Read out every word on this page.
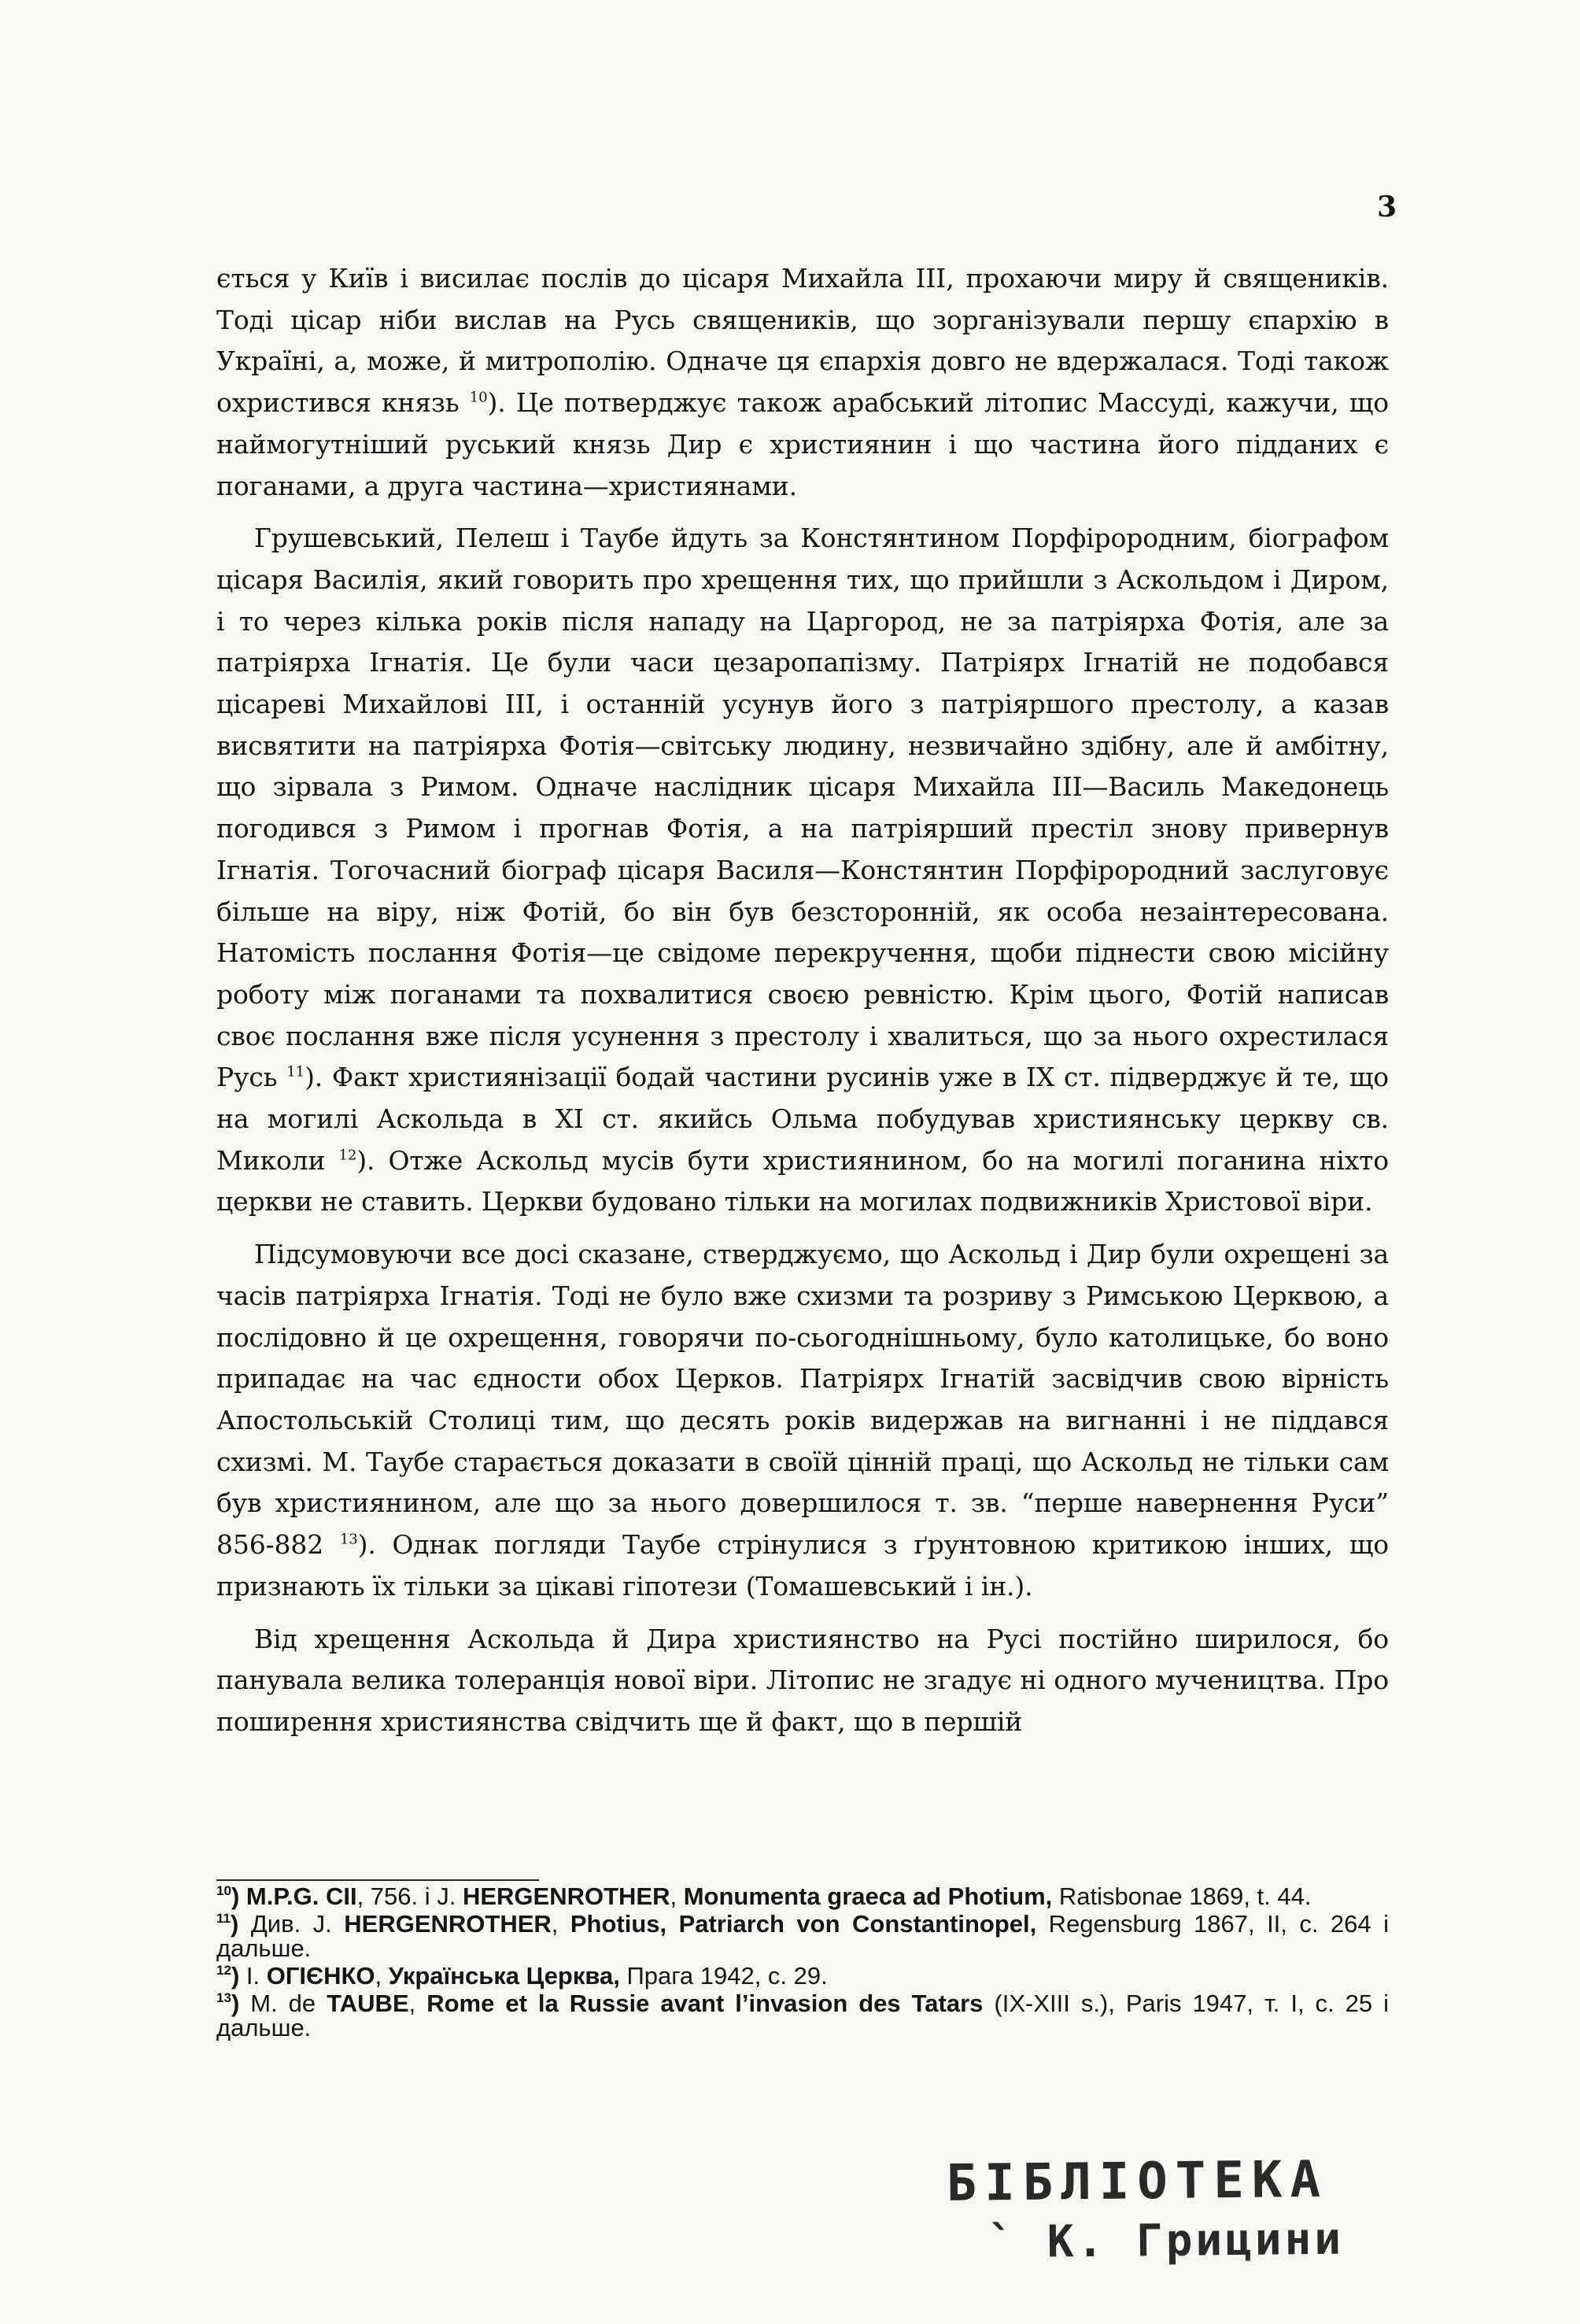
3

ється у Київ і висилає послів до цісаря Михайла ІІІ, прохаючи миру й священиків. Тоді цісар ніби вислав на Русь священиків, що зорганізували першу єпархію в Україні, а, може, й митрополію. Одначе ця єпархія довго не вдержалася. Тоді також охристився князь $^{10}$). Це потверджує також арабський літопис Массуді, кажучи, що наймогутніший руський князь Дир є християнин і що частина його підданих є поганами, а друга частина—християнами.

Грушевський, Пелеш і Таубе йдуть за Констянтином Порфірородним, біографом цісаря Василія, який говорить про хрещення тих, що прийшли з Аскольдом і Диром, і то через кілька років після нападу на Царгород, не за патріярха Фотія, але за патріярха Ігнатія. Це були часи цезаропапізму. Патріярх Ігнатій не подобався цісареві Михайлові ІІІ, і останній усунув його з патріяршого престолу, а казав висвятити на патріярха Фотія—світську людину, незвичайно здібну, але й амбітну, що зірвала з Римом. Одначе наслідник цісаря Михайла ІІІ—Василь Македонець погодився з Римом і прогнав Фотія, а на патріярший престіл знову привернув Ігнатія. Тогочасний біограф цісаря Василя—Констянтин Порфірородний заслуговує більше на віру, ніж Фотій, бо він був безсторонній, як особа незаінтересована. Натомість послання Фотія—це свідоме перекручення, щоби піднести свою місійну роботу між поганами та похвалитися своєю ревністю. Крім цього, Фотій написав своє послання вже після усунення з престолу і хвалиться, що за нього охрестилася Русь $^{11}$). Факт християнізації бодай частини русинів уже в IX ст. підверджує й те, що на могилі Аскольда в XI ст. якийсь Ольма побудував християнську церкву св. Миколи $^{12}$). Отже Аскольд мусів бути християнином, бо на могилі поганина ніхто церкви не ставить. Церкви будовано тільки на могилах подвижників Христової віри.

Підсумовуючи все досі сказане, стверджуємо, що Аскольд і Дир були охрещені за часів патріярха Ігнатія. Тоді не було вже схизми та розриву з Римською Церквою, а послідовно й це охрещення, говорячи по-сьогоднішньому, було католицьке, бо воно припадає на час єдности обох Церков. Патріярх Ігнатій засвідчив свою вірність Апостольській Столиці тим, що десять років видержав на вигнанні і не піддався схизмі. М. Таубе старається доказати в своїй цінній праці, що Аскольд не тільки сам був християнином, але що за нього довершилося т. зв. “перше навернення Руси” 856-882 $^{13}$). Однак погляди Таубе стрінулися з ґрунтовною критикою інших, що признають їх тільки за цікаві гіпотези (Томашевський і ін.).

Від хрещення Аскольда й Дира християнство на Русі постійно ширилося, бо панувала велика толеранція нової віри. Літопис не згадує ні одного мучеництва. Про поширення християнства свідчить ще й факт, що в першій

$^{10}$) M.P.G. CII, 756. і J. HERGENROTHER, Monumenta graeca ad Photium, Ratisbonae 1869, t. 44.

$^{11}$) Див. J. HERGENROTHER, Photius, Patriarch von Constantinopel, Regensburg 1867, II, с. 264 і дальше.

$^{12}$) І. ОГІЄНКО, Українська Церква, Прага 1942, с. 29.

$^{13}$) M. de TAUBE, Rome et la Russie avant l’invasion des Tatars (IX-XIII s.), Paris 1947, т. I, с. 25 і дальше.

БІБЛІОТЕКА
` К. Грицини
